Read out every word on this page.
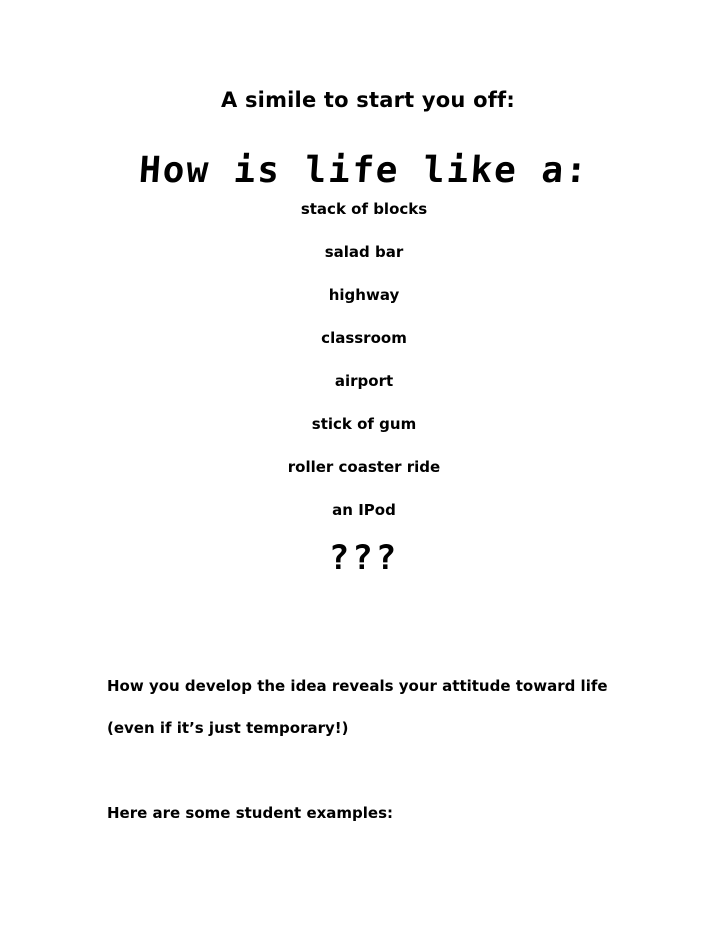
A simile to start you off:
How is life like a:
stack of blocks
salad bar
highway
classroom
airport
stick of gum
roller coaster ride
an IPod
???
How you develop the idea reveals your attitude toward life
(even if it’s just temporary!)
Here are some student examples:
